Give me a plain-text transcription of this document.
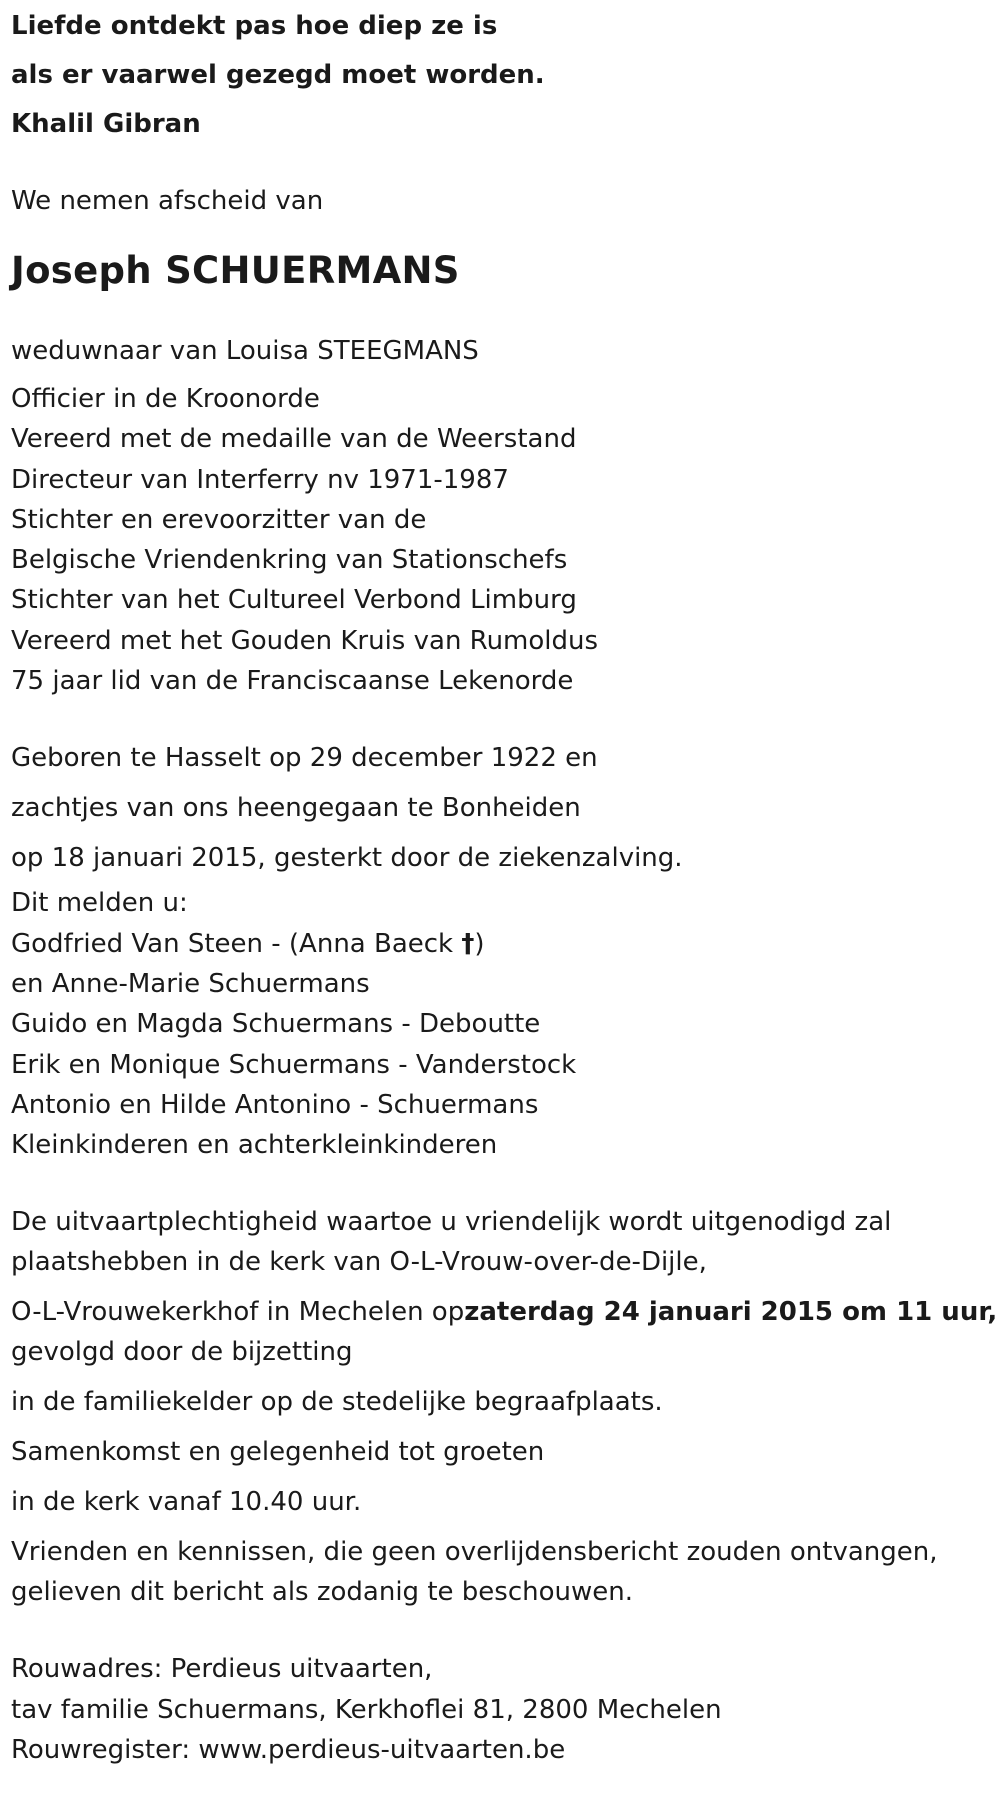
Liefde ontdekt pas hoe diep ze is

als er vaarwel gezegd moet worden.

Khalil Gibran

We nemen afscheid van

Joseph SCHUERMANS

weduwnaar van Louisa STEEGMANS

Officier in de Kroonorde

Vereerd met de medaille van de Weerstand

Directeur van Interferry nv 1971-1987

Stichter en erevoorzitter van de

Belgische Vriendenkring van Stationschefs

Stichter van het Cultureel Verbond Limburg

Vereerd met het Gouden Kruis van Rumoldus

75 jaar lid van de Franciscaanse Lekenorde

Geboren te Hasselt op 29 december 1922 en

zachtjes van ons heengegaan te Bonheiden

op 18 januari 2015, gesterkt door de ziekenzalving.

Dit melden u:

Godfried Van Steen - (Anna Baeck †)

en Anne-Marie Schuermans

Guido en Magda Schuermans - Deboutte

Erik en Monique Schuermans - Vanderstock

Antonio en Hilde Antonino - Schuermans

Kleinkinderen en achterkleinkinderen

De uitvaartplechtigheid waartoe u vriendelijk wordt uitgenodigd zal

plaatshebben in de kerk van O-L-Vrouw-over-de-Dijle,

O-L-Vrouwekerkhof in Mechelen opzaterdag 24 januari 2015 om 11 uur,

gevolgd door de bijzetting

in de familiekelder op de stedelijke begraafplaats.

Samenkomst en gelegenheid tot groeten

in de kerk vanaf 10.40 uur.

Vrienden en kennissen, die geen overlijdensbericht zouden ontvangen,

gelieven dit bericht als zodanig te beschouwen.

Rouwadres: Perdieus uitvaarten,

tav familie Schuermans, Kerkhoflei 81, 2800 Mechelen

Rouwregister: www.perdieus-uitvaarten.be
